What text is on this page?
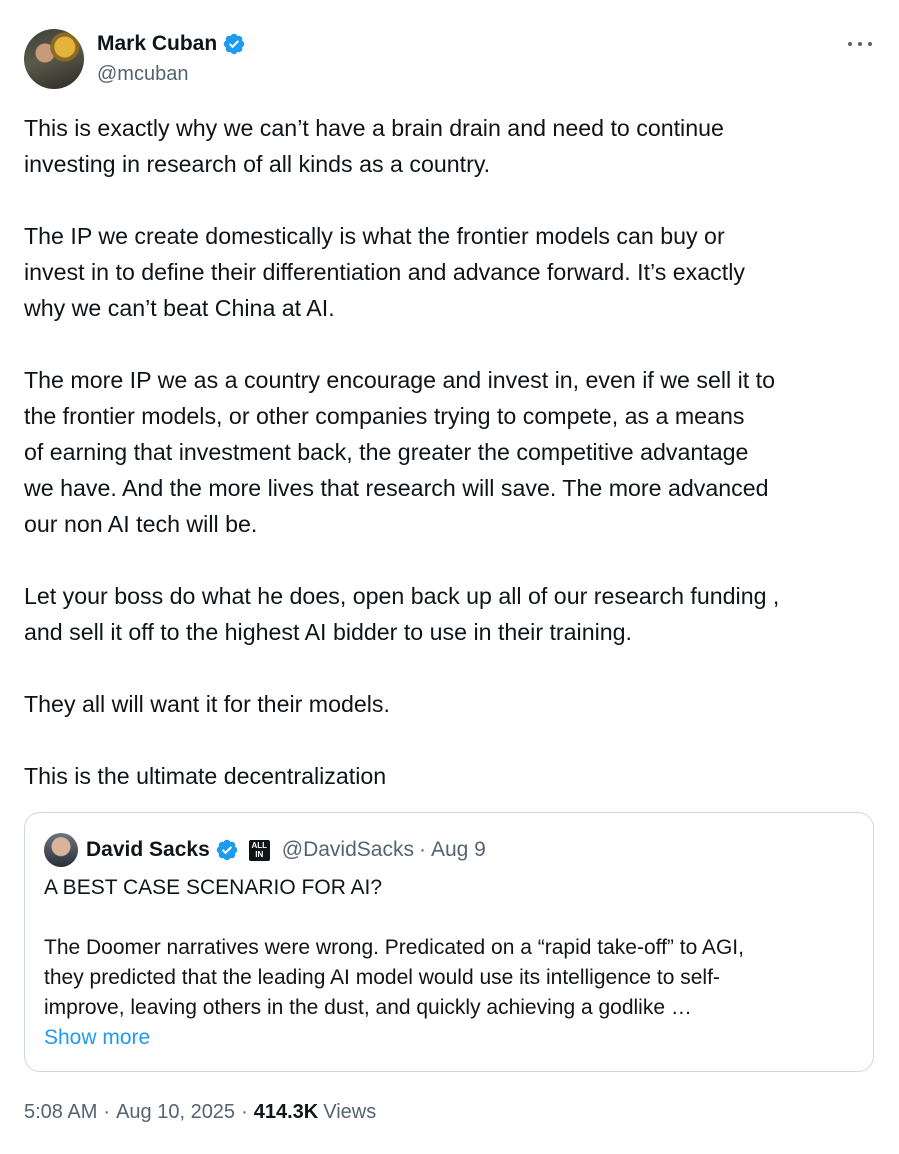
Mark Cuban
@mcuban

This is exactly why we can’t have a brain drain and need to continue
investing in research of all kinds as a country.

The IP we create domestically is what the frontier models can buy or
invest in to define their differentiation and advance forward. It’s exactly
why we can’t beat China at AI.

The more IP we as a country encourage and invest in, even if we sell it to
the frontier models, or other companies trying to compete, as a means
of earning that investment back, the greater the competitive advantage
we have. And the more lives that research will save. The more advanced
our non AI tech will be.

Let your boss do what he does, open back up all of our research funding ,
and sell it off to the highest AI bidder to use in their training.

They all will want it for their models.

This is the ultimate decentralization

David Sacks	ALL IN @DavidSacks · Aug 9
A BEST CASE SCENARIO FOR AI?
The Doomer narratives were wrong. Predicated on a “rapid take-off” to AGI,
they predicted that the leading AI model would use its intelligence to self-
improve, leaving others in the dust, and quickly achieving a godlike …
Show more
5:08 AM · Aug 10, 2025 · 414.3K Views
